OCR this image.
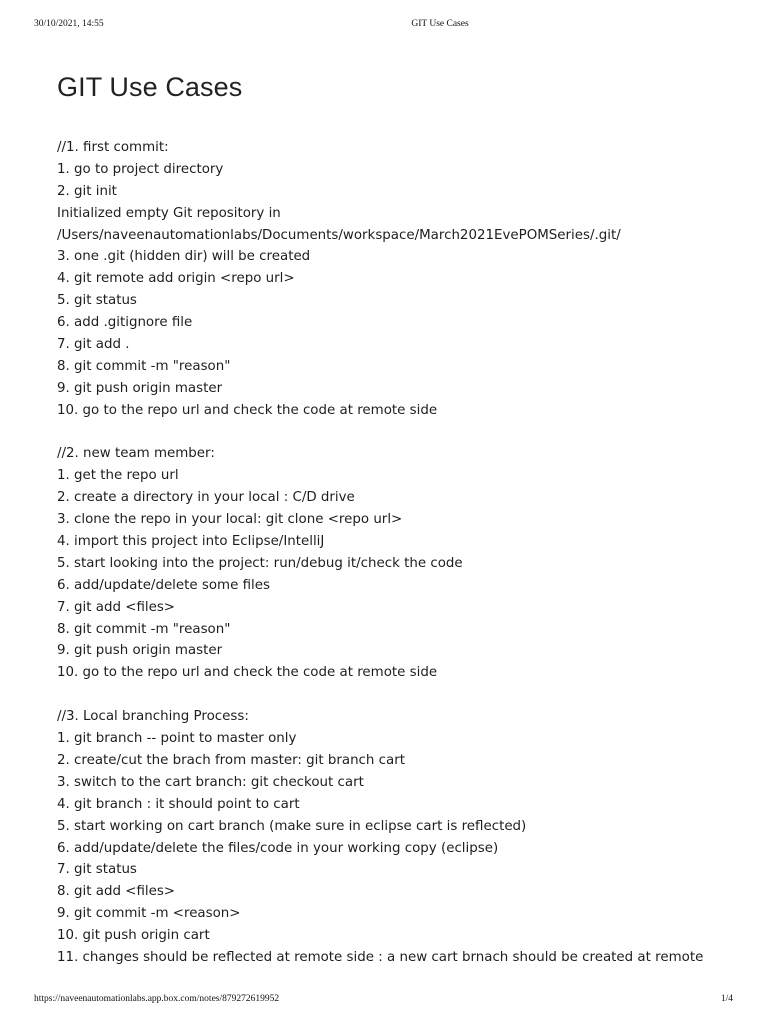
30/10/2021, 14:55	GIT Use Cases
GIT Use Cases
//1. first commit:
1. go to project directory
2. git init
Initialized empty Git repository in
/Users/naveenautomationlabs/Documents/workspace/March2021EvePOMSeries/.git/
3. one .git (hidden dir) will be created
4. git remote add origin <repo url>
5. git status
6. add .gitignore file
7. git add .
8. git commit -m "reason"
9. git push origin master
10. go to the repo url and check the code at remote side
//2. new team member:
1. get the repo url
2. create a directory in your local : C/D drive
3. clone the repo in your local: git clone <repo url>
4. import this project into Eclipse/IntelliJ
5. start looking into the project: run/debug it/check the code
6. add/update/delete some files
7. git add <files>
8. git commit -m "reason"
9. git push origin master
10. go to the repo url and check the code at remote side
//3. Local branching Process:
1. git branch -- point to master only
2. create/cut the brach from master: git branch cart
3. switch to the cart branch: git checkout cart
4. git branch : it should point to cart
5. start working on cart branch (make sure in eclipse cart is reflected)
6. add/update/delete the files/code in your working copy (eclipse)
7. git status
8. git add <files>
9. git commit -m <reason>
10. git push origin cart
11. changes should be reflected at remote side : a new cart brnach should be created at remote
https://naveenautomationlabs.app.box.com/notes/879272619952	1/4
